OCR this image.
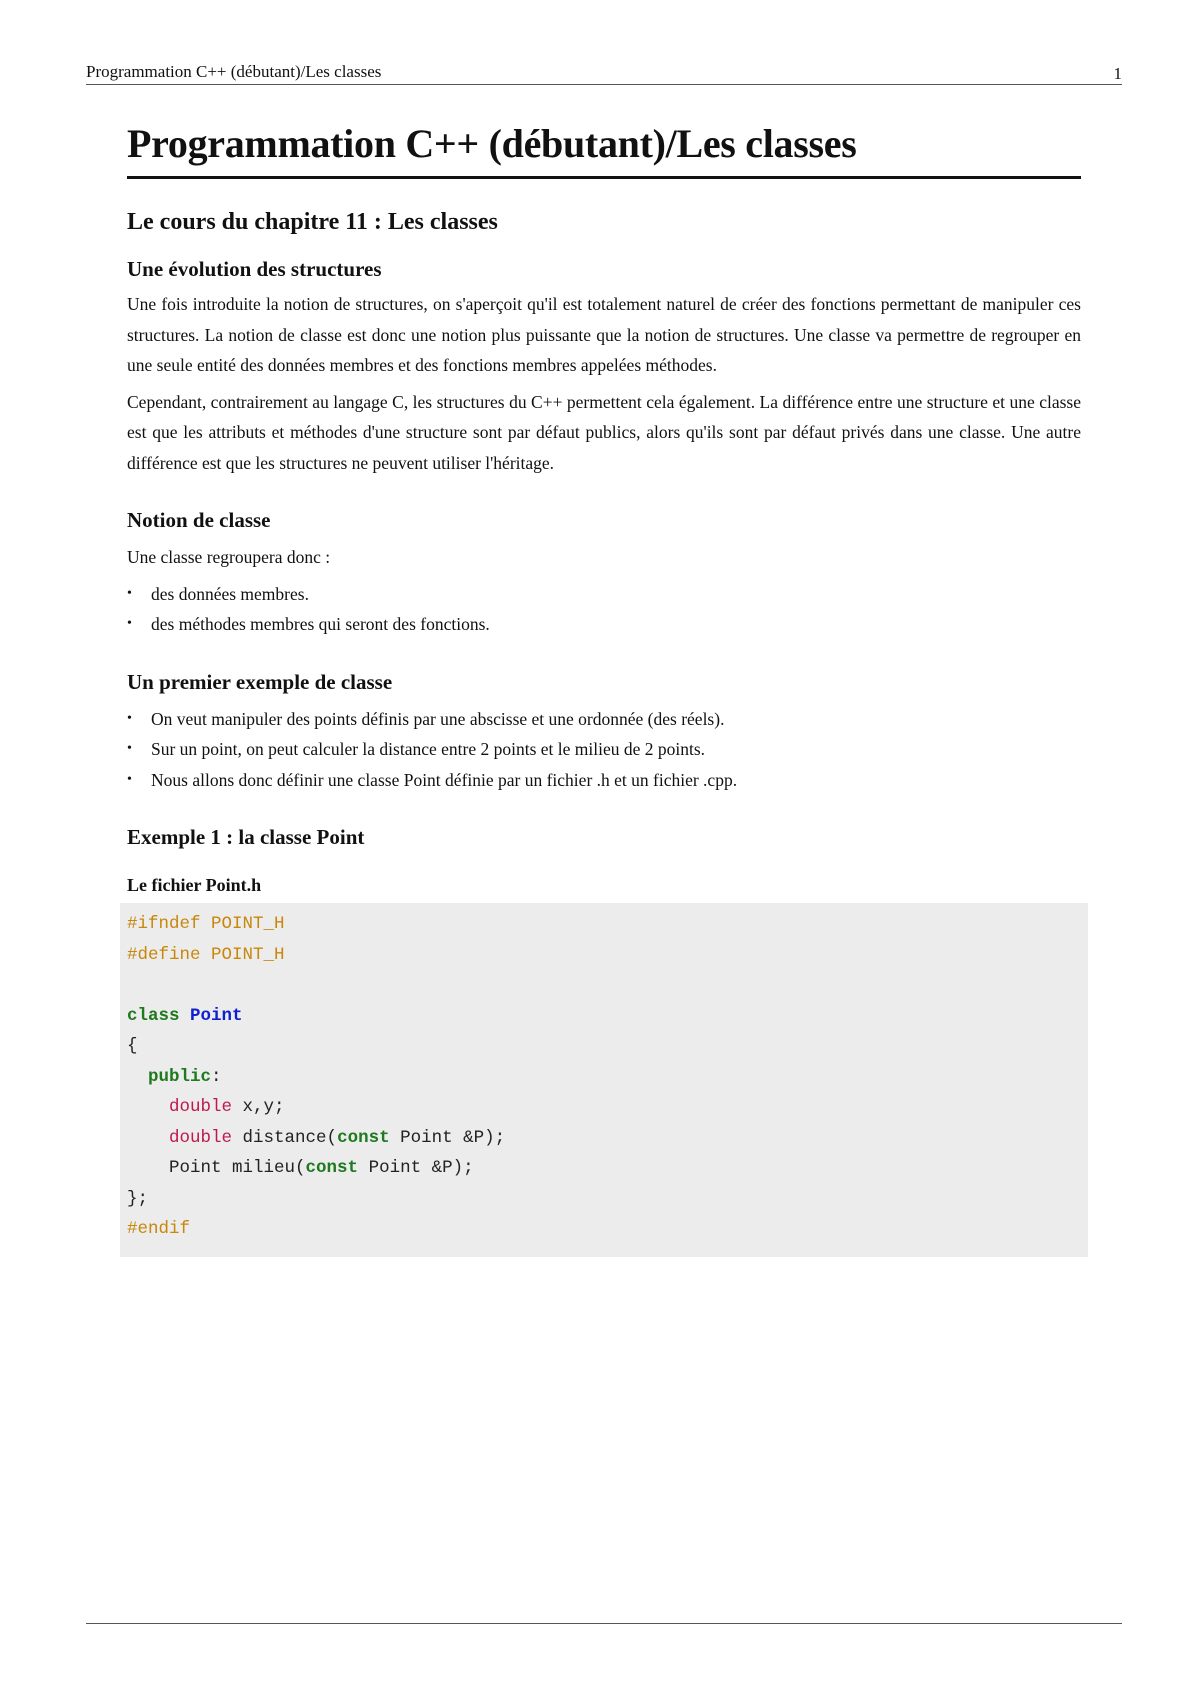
Programmation C++ (débutant)/Les classes	1
Programmation C++ (débutant)/Les classes
Le cours du chapitre 11 : Les classes
Une évolution des structures

Une fois introduite la notion de structures, on s'aperçoit qu'il est totalement naturel de créer des fonctions permettant de manipuler ces structures. La notion de classe est donc une notion plus puissante que la notion de structures. Une classe va permettre de regrouper en une seule entité des données membres et des fonctions membres appelées méthodes.

Cependant, contrairement au langage C, les structures du C++ permettent cela également. La différence entre une structure et une classe est que les attributs et méthodes d'une structure sont par défaut publics, alors qu'ils sont par défaut privés dans une classe. Une autre différence est que les structures ne peuvent utiliser l'héritage.

Notion de classe

Une classe regroupera donc :

• des données membres.
• des méthodes membres qui seront des fonctions.
Un premier exemple de classe
• On veut manipuler des points définis par une abscisse et une ordonnée (des réels).
• Sur un point, on peut calculer la distance entre 2 points et le milieu de 2 points.
• Nous allons donc définir une classe Point définie par un fichier .h et un fichier .cpp.
Exemple 1 : la classe Point
Le fichier Point.h
#ifndef POINT_H
#define POINT_H
class Point
{
public:
double x,y;
double distance(const Point &P);
Point milieu(const Point &P);
};
#endif
